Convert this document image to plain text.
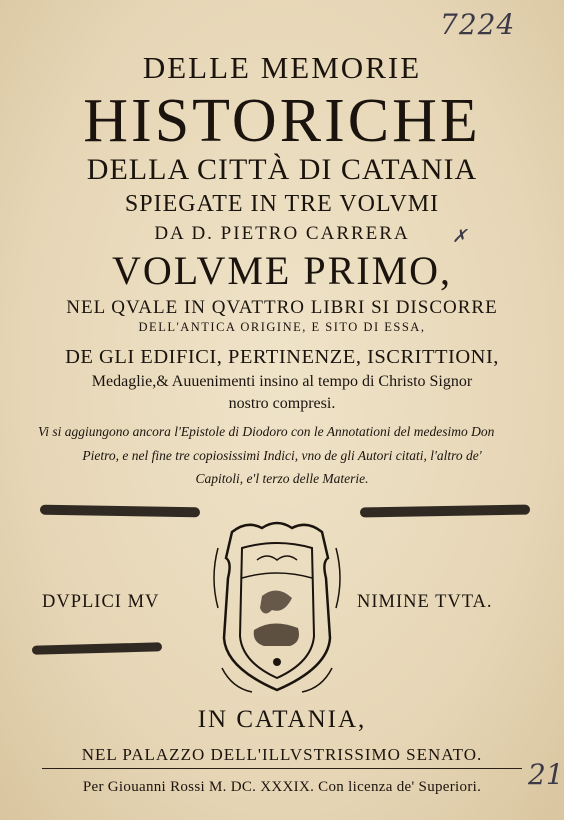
7224
DELLE MEMORIE
HISTORICHE
DELLA CITTÀ DI CATANIA
SPIEGATE IN TRE VOLVMI
DA D. PIETRO CARRERA	✗
VOLVME PRIMO,
NEL QVALE IN QVATTRO LIBRI SI DISCORRE
DELL'ANTICA ORIGINE, E SITO DI ESSA,
DE GLI EDIFICI, PERTINENZE, ISCRITTIONI,
Medaglie,& Auuenimenti insino al tempo di Christo Signor
nostro compresi.
Vi si aggiungono ancora l'Epistole di Diodoro con le Annotationi del medesimo Don
Pietro, e nel fine tre copiosissimi Indici, vno de gli Autori citati, l'altro de'
Capitoli, e'l terzo delle Materie.
DVPLICI MV	NIMINE TVTA.
IN CATANIA,
NEL PALAZZO DELL'ILLVSTRISSIMO SENATO.
Per Giouanni Rossi M. DC. XXXIX. Con licenza de' Superiori.	21
